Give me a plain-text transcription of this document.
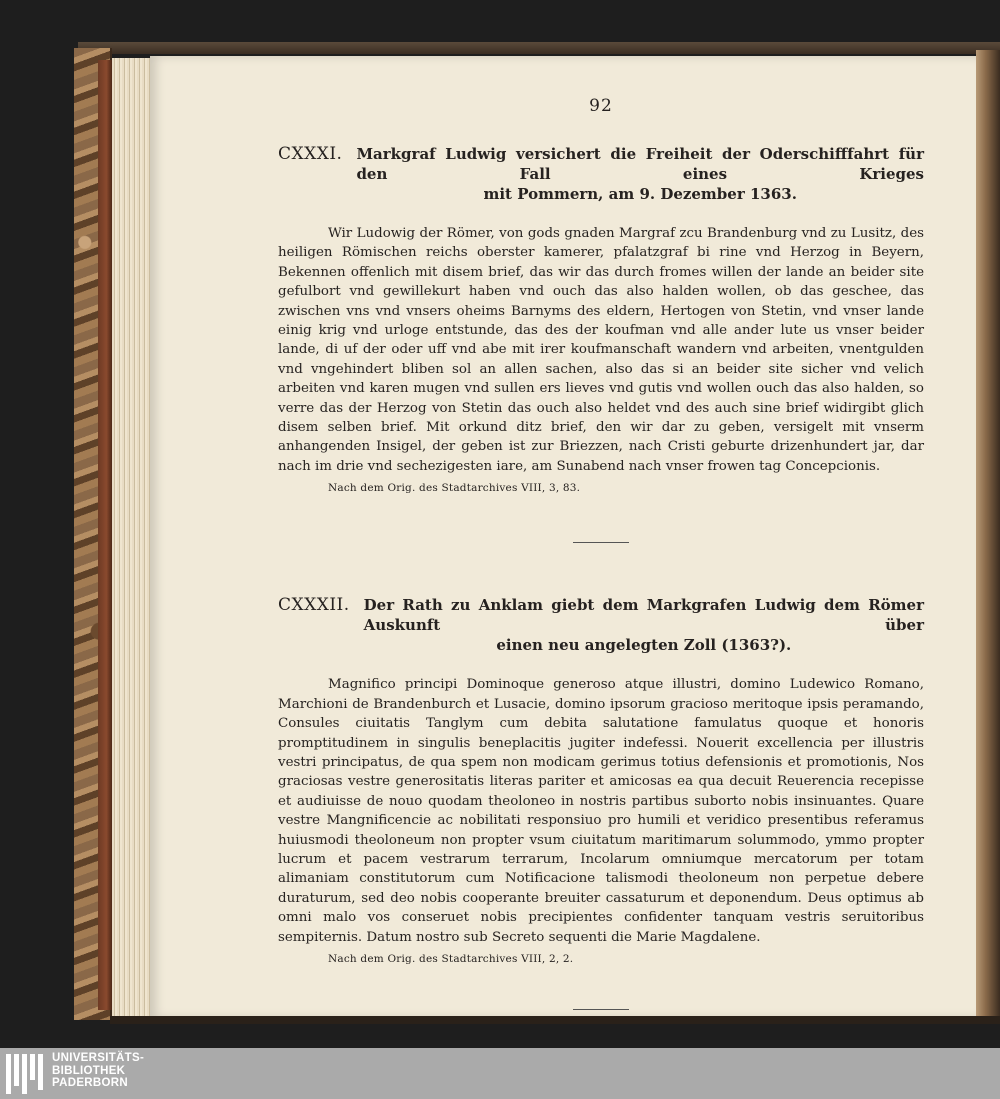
92
CXXXI. Markgraf Ludwig versichert die Freiheit der Oderschifffahrt für den Fall eines Krieges
mit Pommern, am 9. Dezember 1363.

Wir Ludowig der Römer, von gods gnaden Margraf zcu Brandenburg vnd zu Lusitz, des heiligen Römischen reichs oberster kamerer, pfalatzgraf bi rine vnd Herzog in Beyern, Bekennen offenlich mit disem brief, das wir das durch fromes willen der lande an beider site gefulbort vnd gewillekurt haben vnd ouch das also halden wollen, ob das geschee, das zwischen vns vnd vnsers oheims Barnyms des eldern, Hertogen von Stetin, vnd vnser lande einig krig vnd urloge entstunde, das des der koufman vnd alle ander lute us vnser beider lande, di uf der oder uff vnd abe mit irer koufmanschaft wandern vnd arbeiten, vnentgulden vnd vngehindert bliben sol an allen sachen, also das si an beider site sicher vnd velich arbeiten vnd karen mugen vnd sullen ers lieves vnd gutis vnd wollen ouch das also halden, so verre das der Herzog von Stetin das ouch also heldet vnd des auch sine brief widirgibt glich disem selben brief. Mit orkund ditz brief, den wir dar zu geben, versigelt mit vnserm anhangenden Insigel, der geben ist zur Briezzen, nach Cristi geburte drizenhundert jar, dar nach im drie vnd sechezigesten iare, am Sunabend nach vnser frowen tag Concepcionis.

Nach dem Orig. des Stadtarchives VIII, 3, 83.
CXXXII. Der Rath zu Anklam giebt dem Markgrafen Ludwig dem Römer Auskunft über
einen neu angelegten Zoll (1363?).

Magnifico principi Dominoque generoso atque illustri, domino Ludewico Romano, Marchioni de Brandenburch et Lusacie, domino ipsorum gracioso meritoque ipsis peramando, Consules ciuitatis Tanglym cum debita salutatione famulatus quoque et honoris promptitudinem in singulis beneplacitis jugiter indefessi. Nouerit excellencia per illustris vestri principatus, de qua spem non modicam gerimus totius defensionis et promotionis, Nos graciosas vestre generositatis literas pariter et amicosas ea qua decuit Reuerencia recepisse et audiuisse de nouo quodam theoloneo in nostris partibus suborto nobis insinuantes. Quare vestre Mangnificencie ac nobilitati responsiuo pro humili et veridico presentibus referamus huiusmodi theoloneum non propter vsum ciuitatum maritimarum solummodo, ymmo propter lucrum et pacem vestrarum terrarum, Incolarum omniumque mercatorum per totam alimaniam constitutorum cum Notificacione talismodi theoloneum non perpetue debere duraturum, sed deo nobis cooperante breuiter cassaturum et deponendum. Deus optimus ab omni malo vos conseruet nobis precipientes confidenter tanquam vestris seruitoribus sempiternis. Datum nostro sub Secreto sequenti die Marie Magdalene.

Nach dem Orig. des Stadtarchives VIII, 2, 2.
UNIVERSITÄTS-
BIBLIOTHEK
PADERBORN
